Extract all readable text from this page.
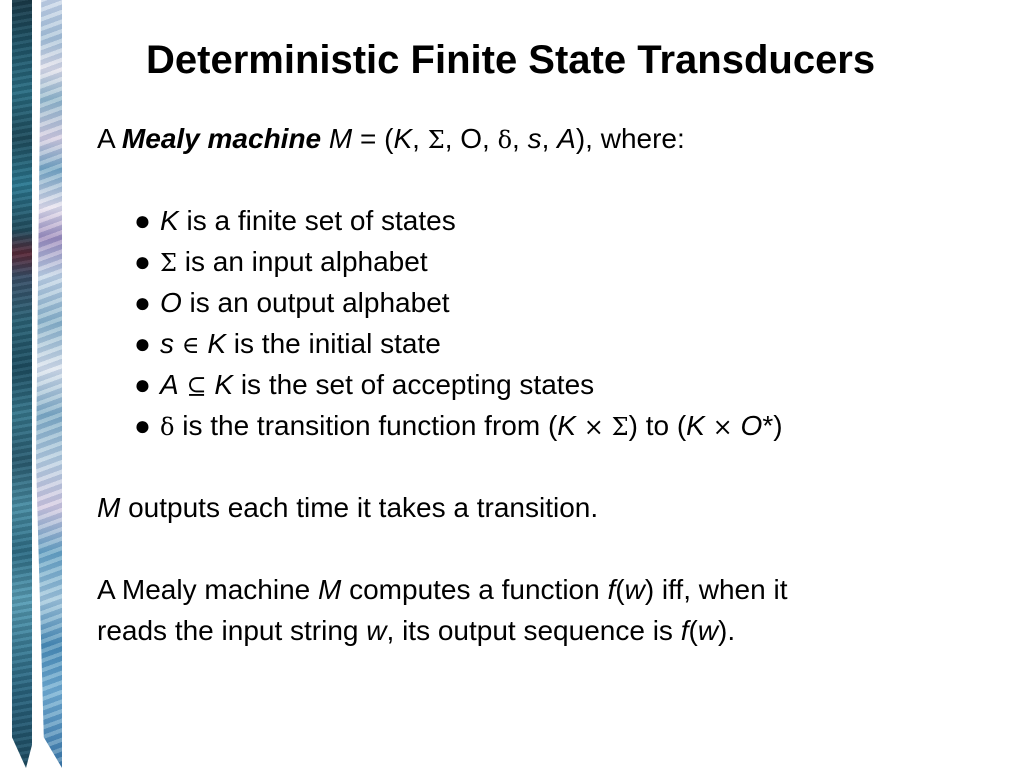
Deterministic Finite State Transducers
A Mealy machine M = (K, Σ, O, δ, s, A), where:
● K is a finite set of states
● Σ is an input alphabet
● O is an output alphabet
● s ∈ K is the initial state
● A ⊆ K is the set of accepting states
● δ is the transition function from (K × Σ) to (K × O*)
M outputs each time it takes a transition.
A Mealy machine M computes a function f(w) iff, when it
reads the input string w, its output sequence is f(w).
